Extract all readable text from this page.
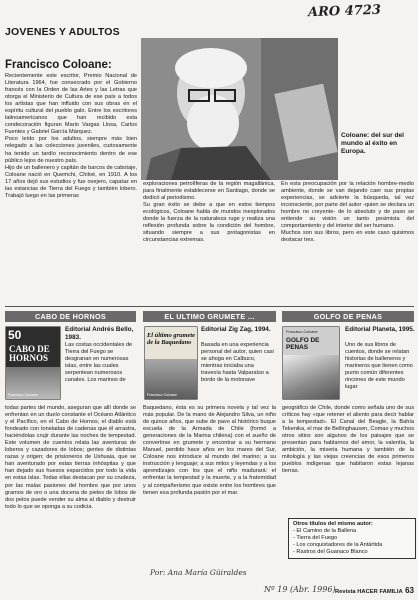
ARO 4723
JOVENES Y ADULTOS
Coloane: del sur del mundo al éxito en Europa.
Francisco Coloane:

Recientemente este escritor, Premio Nacional de Literatura 1964, fue consecrado por el Gobierno francés con la Orden de las Artes y las Letras que otorga el Ministerio de Cultura de ese país a todos los artistas que han influido con sus obras en el espíritu cultural del pueblo galo. Entre los escritores latinoamericanos que han recibido esta condecoración figuran Mario Vargas Llosa, Carlos Fuentes y Gabriel García Márquez.

Poco leído por los adultos, siempre más bien relegado a las colecciones juveniles, curiosamente ha tenido un tardío reconocimiento dentro de ese público lejos de nuestro país.

Hijo de un ballenero y capitán de barcos de cabotaje, Coloane nació en Quemchi, Chiloé, en 1910. A los 17 años dejó sus estudios y fue ovejero, capataz en las estancias de Tierra del Fuego y también lobero. Trabajó luego en las primeras

exploraciones petrolíferas de la región magallánica, para finalmente establecerse en Santiago, donde se dedicó al periodismo.

Su gran éxito se debe a que en estos tiempos ecológicos, Coloane habla de mundos inexplorados donde la fuerza de la naturaleza ruge y realiza una reflexión profunda sobre la condición del hombre, situando siempre a sus protagonistas en circunstancias extremas.

En esta preocupación por la relación hombre-medio ambiente, donde se van dejando caer sus propias experiencias, se advierte la búsqueda, tal vez inconsciente, por parte del autor -quien se declara un hombre no creyente- de lo absoluto y de paso se entiende su visión un tanto pesimista del comportamiento y del interior del ser humano.

Muchos son sus libros, pero en este caso quisimos destacar tres.

CABO DE HORNOS
50
CABO DE HORNOS
Francisco Coloane
Editorial Andrés Bello, 1983.
Las costas occidentales de Tierra del Fuego se desgranan en numerosas islas, entre las cuales serpentean numerosos canales. Los marinos de
todas partes del mundo, aseguran que allí donde se enfrentan en un duelo constante el Océano Atlántico y el Pacífico, en el Cabo de Hornos, el diablo está fondeado con toneladas de cadenas que él arrastra, haciéndolas crujir durante las noches de tempestad. Este volumen de cuentos relata las aventuras de loberos y cazadores de lobos; gentes de distintas razas y origen; de prisioneros de Ushuaia, que se han aventurado por estas tierras inhóspitas y que han dejado sus huesos esparcidos por todo la vida en estas islas. Todas ellas destacan por su crudeza, por las malas pasiones del hombre que por unos gramos de oro o una docena de pieles de lobos de dos pelos puede vender su alma al diablo y destruir todo lo que se oponga a su codicia.
EL ULTIMO GRUMETE ...
El último grumete de la Baquedano
Francisco Coloane
Editorial Zig Zag, 1994.
Basada en una experiencia personal del autor, quien casi se ahoga en Calbuco, mientras iniciaba una travesía hasta Valparaíso a bordo de la motonave
Baquedano, ésta es su primera novela y tal vez la más popular. De la mano de Alejandro Silva, un niño de quince años, que sube de pavo al histórico buque escuela de la Armada de Chile (formó a generaciones de la Marina chilena) con el sueño de convertirse en grumete y encontrar a su hermano Manuel, perdido hace años en los mares del Sur, Coloane nos introduce al mundo del marino; a su instrucción y lenguaje; a sus mitos y leyendas y a los aprendizajes con los que el niño madurará: el enfrentar la tempestad y la muerte, y a la fraternidad y al compañerismo que existe entre los hombres que tienen esa profunda pasión por el mar.
GOLFO DE PENAS
Francisco Coloane
GOLFO DE PENAS
Editorial Planeta, 1995.
Uno de sus libros de cuentos, donde se relatan historias de balleneros y marineros que tienen como punto común diferentes rincones de este mundo lugar
geográfico de Chile, donde como señala uno de sus críticos hay «que retener el aliento para decir hablar a la tempestad». El Canal del Beagle, la Bahía Tekenika, el mar de Bellinghausen, Comao y muchos otros sitios son algunos de los paisajes que se presentan para hablarnos del amor, la valentía, la ambición, la miseria humana y también de la mitología y las viejas creencias de esos primeros pueblos indígenas que habitaron estas lejanas tierras.
Otros títulos del mismo autor:
- El Camino de la Ballena
- Tierra del Fuego
- Los conquistadores de la Antártida
- Rastros del Guanaco Blanco
Por: Ana María Güiraldes
Nº 19 (Abr. 1996) Revista HACER FAMILIA 63
